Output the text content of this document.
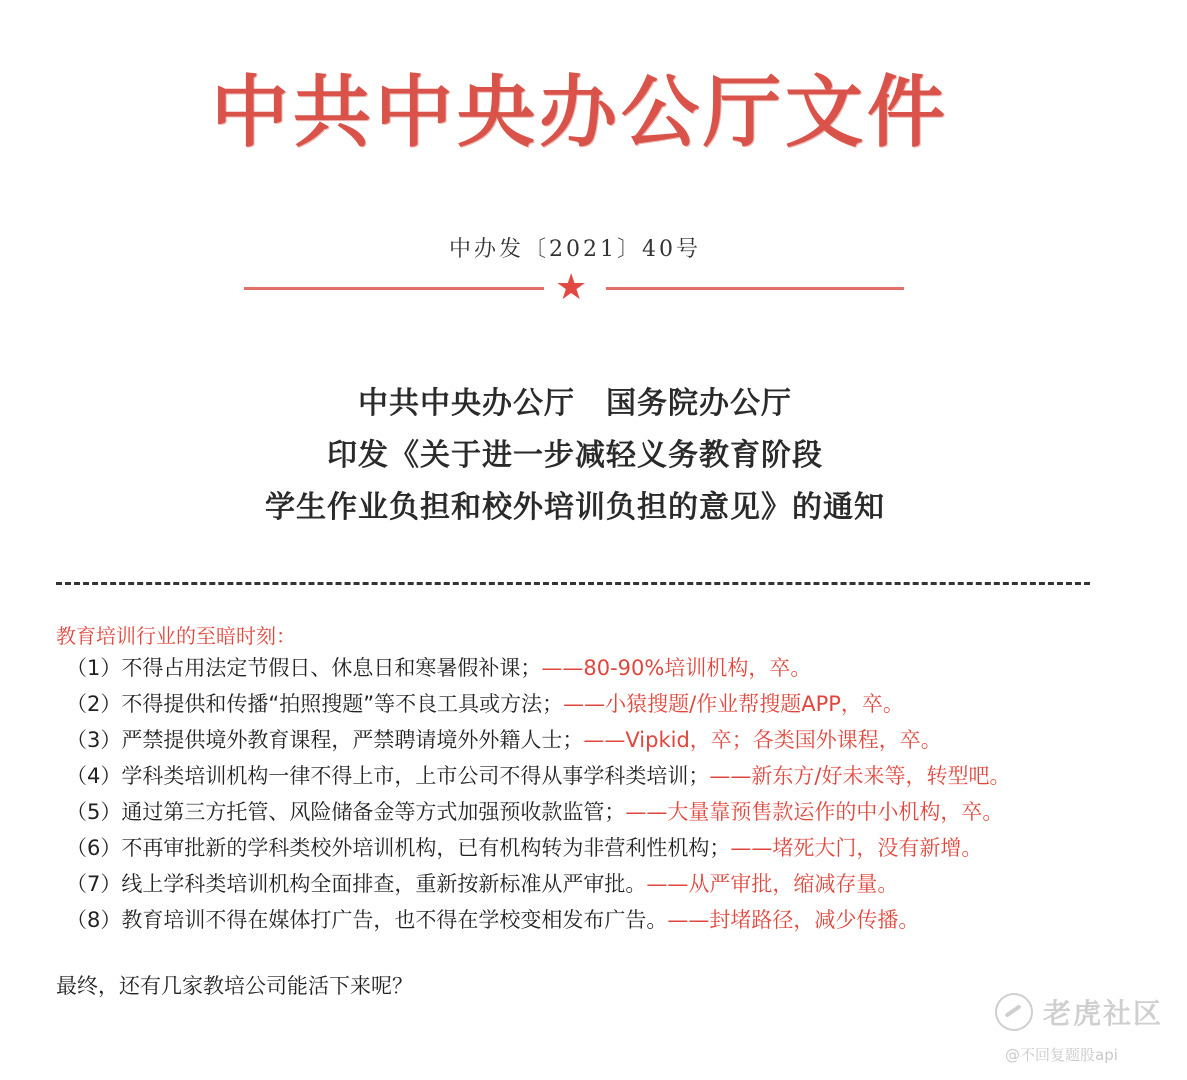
中共中央办公厅文件
中办发〔2021〕40号
★
中共中央办公厅　国务院办公厅
印发《关于进一步减轻义务教育阶段
学生作业负担和校外培训负担的意见》的通知
教育培训行业的至暗时刻：
（1）不得占用法定节假日、休息日和寒暑假补课；——80-90%培训机构，卒。
（2）不得提供和传播“拍照搜题”等不良工具或方法；——小猿搜题/作业帮搜题APP，卒。
（3）严禁提供境外教育课程，严禁聘请境外外籍人士；——Vipkid，卒；各类国外课程，卒。
（4）学科类培训机构一律不得上市，上市公司不得从事学科类培训；——新东方/好未来等，转型吧。
（5）通过第三方托管、风险储备金等方式加强预收款监管；——大量靠预售款运作的中小机构，卒。
（6）不再审批新的学科类校外培训机构，已有机构转为非营利性机构；——堵死大门，没有新增。
（7）线上学科类培训机构全面排查，重新按新标准从严审批。——从严审批，缩减存量。
（8）教育培训不得在媒体打广告，也不得在学校变相发布广告。——封堵路径，减少传播。
最终，还有几家教培公司能活下来呢？
老虎社区
@不回复题股api
